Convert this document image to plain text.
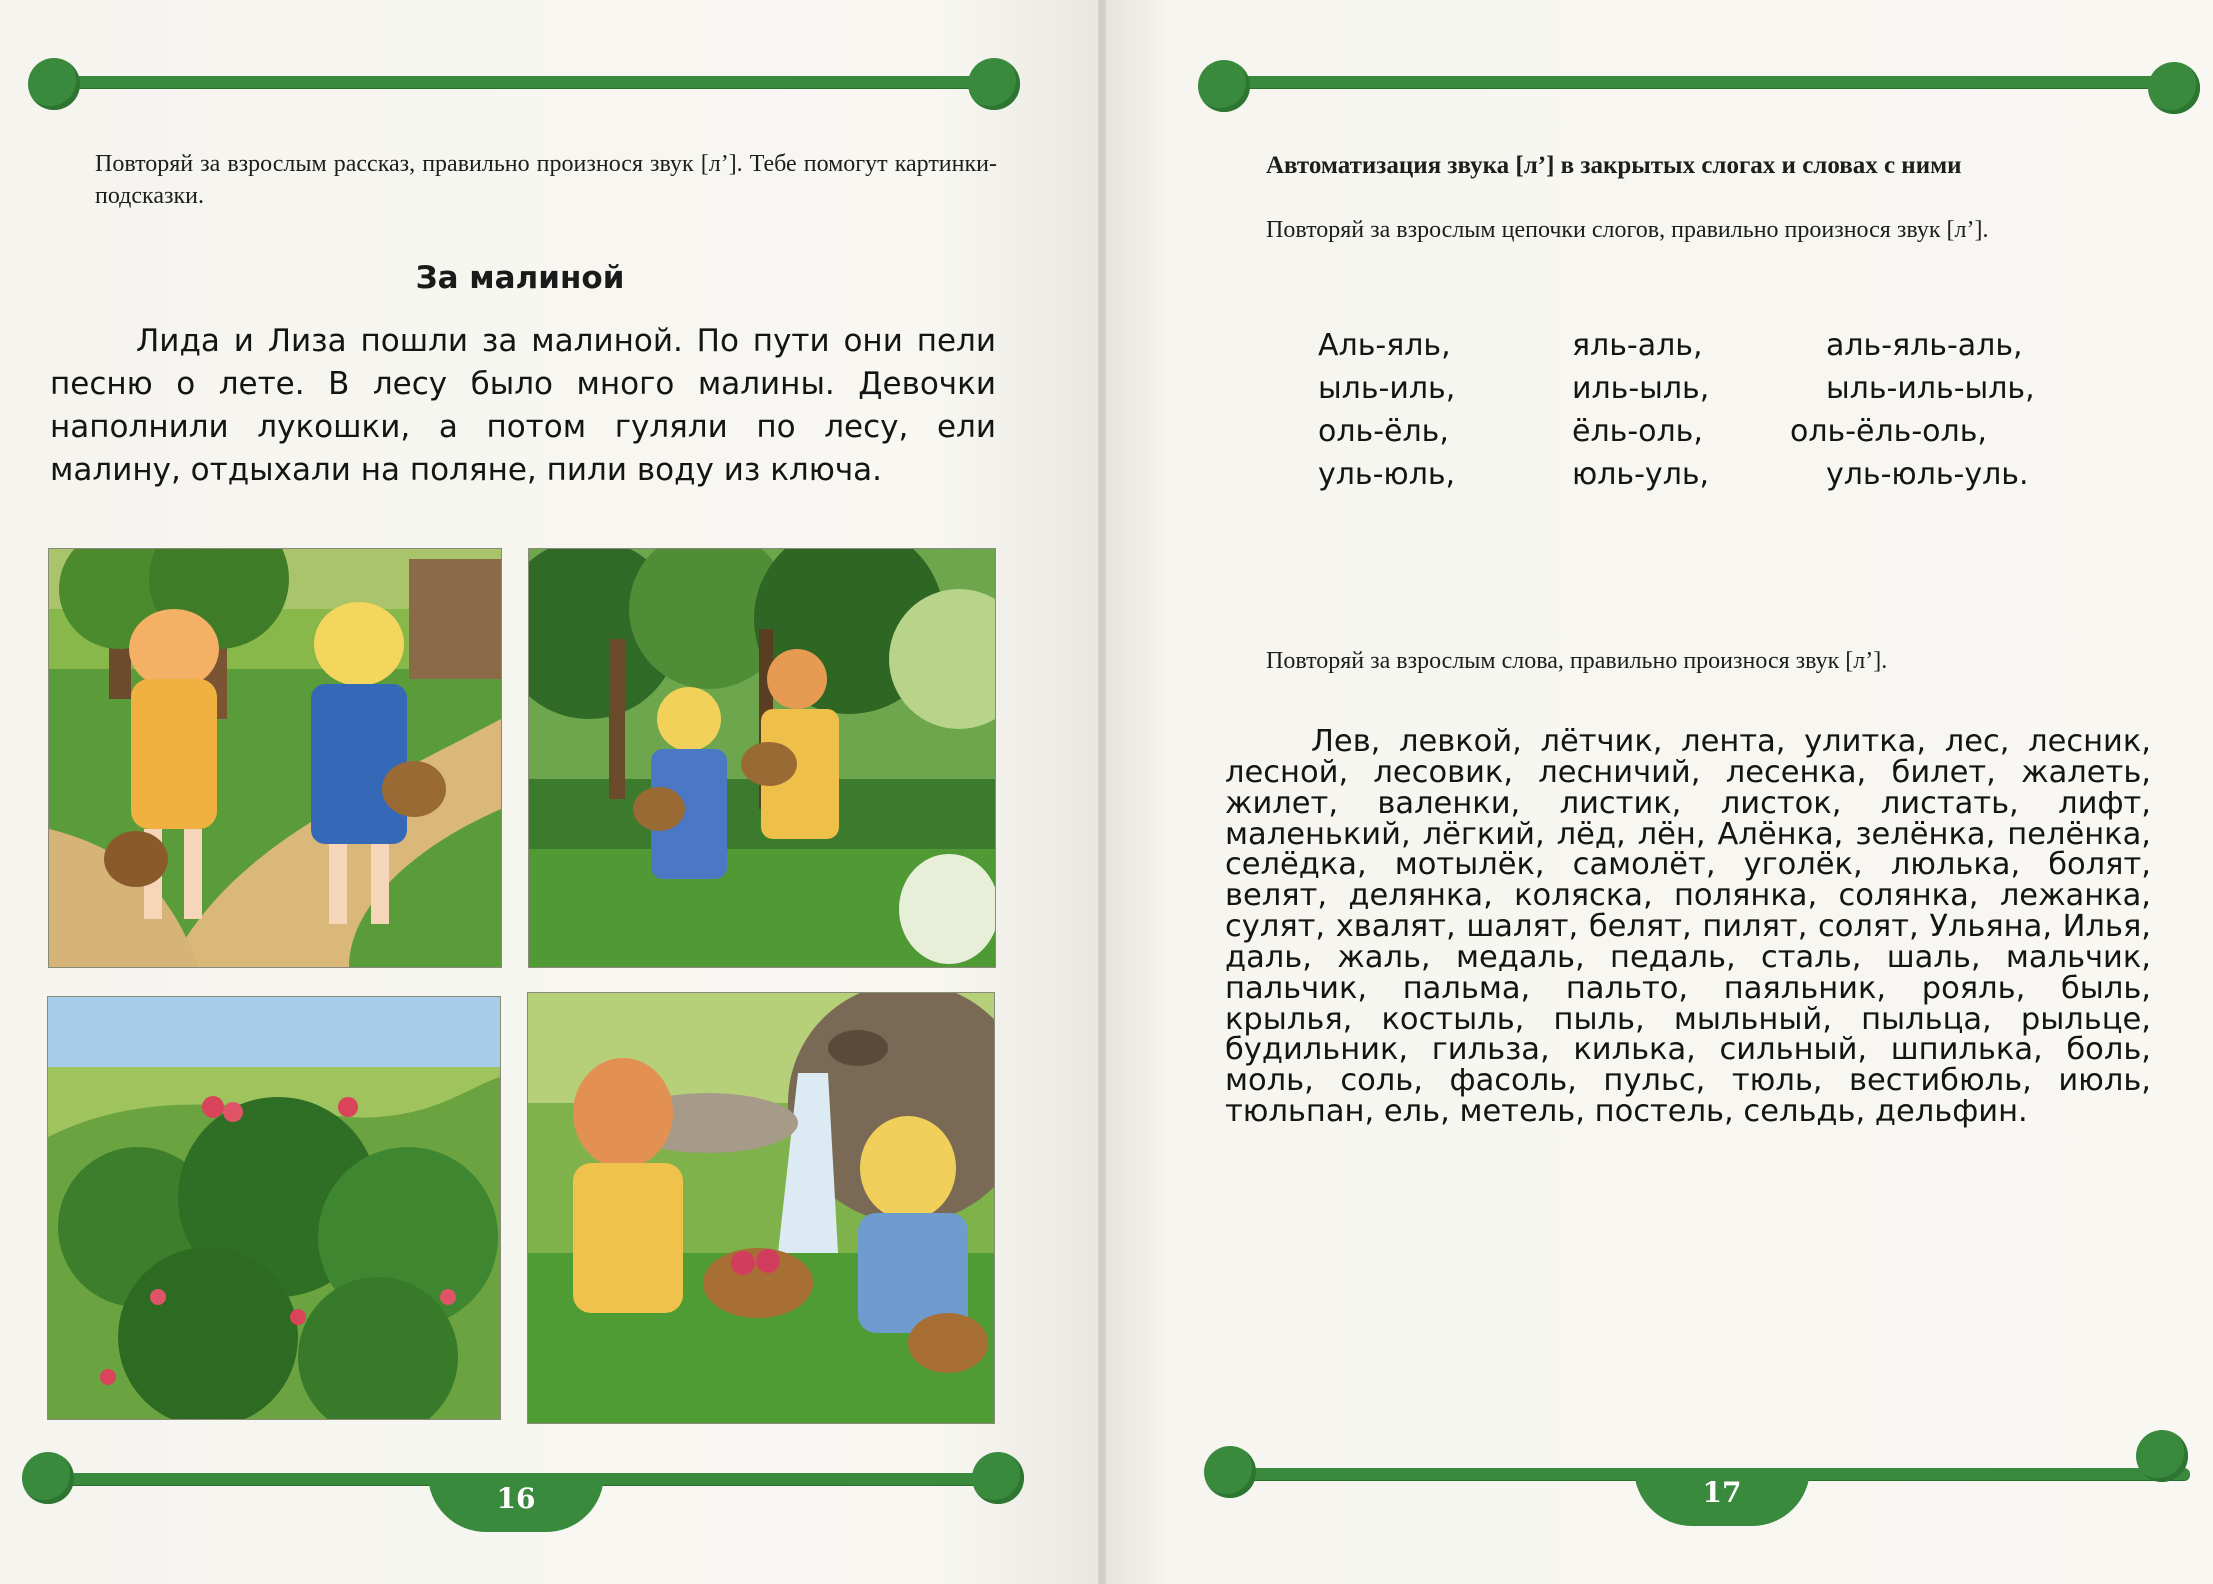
Повторяй за взрослым рассказ, правильно произнося звук [л’]. Тебе помогут картинки-подсказки.
За малиной

Лида и Лиза пошли за малиной. По пути они пели песню о лете. В лесу было много малины. Девочки наполнили лукошки, а потом гуляли по лесу, ели малину, отдыхали на поляне, пили воду из ключа.

16
Автоматизация звука [л’] в закрытых слогах и словах с ними
Повторяй за взрослым цепочки слогов, правильно произнося звук [л’].
Аль-яль,
ыль-иль,
оль-ёль,
уль-юль,
яль-аль,
иль-ыль,
ёль-оль,
юль-уль,
аль-яль-аль,
ыль-иль-ыль,
оль-ёль-оль,
уль-юль-уль.
Повторяй за взрослым слова, правильно произнося звук [л’].

Лев, левкой, лётчик, лента, улитка, лес, лесник, лесной, лесовик, лесничий, лесенка, билет, жалеть, жилет, валенки, листик, листок, листать, лифт, маленький, лёгкий, лёд, лён, Алёнка, зелёнка, пелёнка, селёдка, мотылёк, самолёт, уголёк, люлька, болят, велят, делянка, коляска, полянка, солянка, лежанка, сулят, хвалят, шалят, белят, пилят, солят, Ульяна, Илья, даль, жаль, медаль, педаль, сталь, шаль, мальчик, пальчик, пальма, пальто, паяльник, рояль, быль, крылья, костыль, пыль, мыльный, пыльца, рыльце, будильник, гильза, килька, сильный, шпилька, боль, моль, соль, фасоль, пульс, тюль, вестибюль, июль, тюльпан, ель, метель, постель, сельдь, дельфин.

17
